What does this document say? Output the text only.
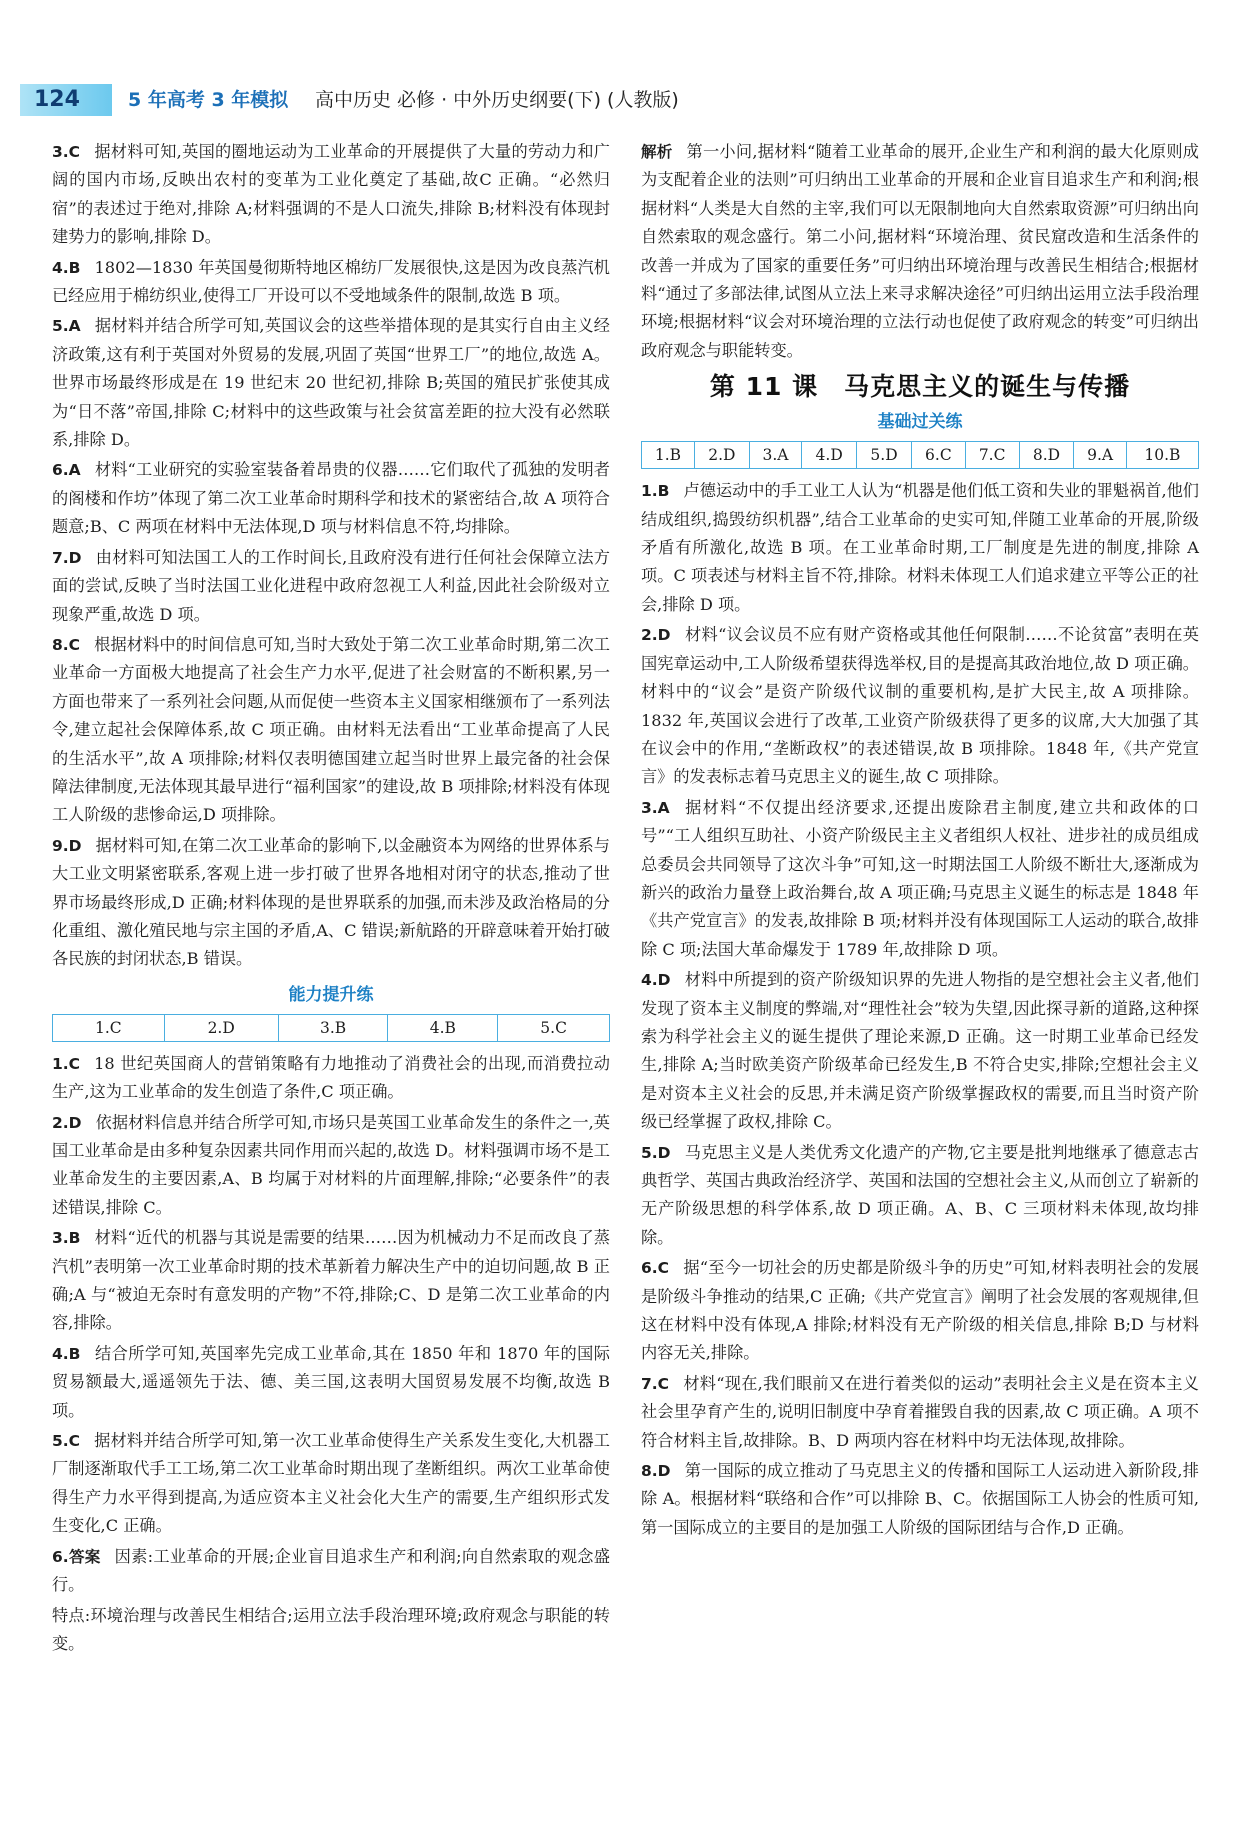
124	5 年高考 3 年模拟 高中历史 必修 · 中外历史纲要(下) (人教版)
3.C 据材料可知,英国的圈地运动为工业革命的开展提供了大量的劳动力和广阔的国内市场,反映出农村的变革为工业化奠定了基础,故C 正确。“必然归宿”的表述过于绝对,排除 A;材料强调的不是人口流失,排除 B;材料没有体现封建势力的影响,排除 D。
4.B 1802—1830 年英国曼彻斯特地区棉纺厂发展很快,这是因为改良蒸汽机已经应用于棉纺织业,使得工厂开设可以不受地域条件的限制,故选 B 项。
5.A 据材料并结合所学可知,英国议会的这些举措体现的是其实行自由主义经济政策,这有利于英国对外贸易的发展,巩固了英国“世界工厂”的地位,故选 A。世界市场最终形成是在 19 世纪末 20 世纪初,排除 B;英国的殖民扩张使其成为“日不落”帝国,排除 C;材料中的这些政策与社会贫富差距的拉大没有必然联系,排除 D。
6.A 材料“工业研究的实验室装备着昂贵的仪器……它们取代了孤独的发明者的阁楼和作坊”体现了第二次工业革命时期科学和技术的紧密结合,故 A 项符合题意;B、C 两项在材料中无法体现,D 项与材料信息不符,均排除。
7.D 由材料可知法国工人的工作时间长,且政府没有进行任何社会保障立法方面的尝试,反映了当时法国工业化进程中政府忽视工人利益,因此社会阶级对立现象严重,故选 D 项。
8.C 根据材料中的时间信息可知,当时大致处于第二次工业革命时期,第二次工业革命一方面极大地提高了社会生产力水平,促进了社会财富的不断积累,另一方面也带来了一系列社会问题,从而促使一些资本主义国家相继颁布了一系列法令,建立起社会保障体系,故 C 项正确。由材料无法看出“工业革命提高了人民的生活水平”,故 A 项排除;材料仅表明德国建立起当时世界上最完备的社会保障法律制度,无法体现其最早进行“福利国家”的建设,故 B 项排除;材料没有体现工人阶级的悲惨命运,D 项排除。
9.D 据材料可知,在第二次工业革命的影响下,以金融资本为网络的世界体系与大工业文明紧密联系,客观上进一步打破了世界各地相对闭守的状态,推动了世界市场最终形成,D 正确;材料体现的是世界联系的加强,而未涉及政治格局的分化重组、激化殖民地与宗主国的矛盾,A、C 错误;新航路的开辟意味着开始打破各民族的封闭状态,B 错误。
能力提升练
1.C	2.D	3.B	4.B	5.C
1.C 18 世纪英国商人的营销策略有力地推动了消费社会的出现,而消费拉动生产,这为工业革命的发生创造了条件,C 项正确。
2.D 依据材料信息并结合所学可知,市场只是英国工业革命发生的条件之一,英国工业革命是由多种复杂因素共同作用而兴起的,故选 D。材料强调市场不是工业革命发生的主要因素,A、B 均属于对材料的片面理解,排除;“必要条件”的表述错误,排除 C。
3.B 材料“近代的机器与其说是需要的结果……因为机械动力不足而改良了蒸汽机”表明第一次工业革命时期的技术革新着力解决生产中的迫切问题,故 B 正确;A 与“被迫无奈时有意发明的产物”不符,排除;C、D 是第二次工业革命的内容,排除。
4.B 结合所学可知,英国率先完成工业革命,其在 1850 年和 1870 年的国际贸易额最大,遥遥领先于法、德、美三国,这表明大国贸易发展不均衡,故选 B 项。
5.C 据材料并结合所学可知,第一次工业革命使得生产关系发生变化,大机器工厂制逐渐取代手工工场,第二次工业革命时期出现了垄断组织。两次工业革命使得生产力水平得到提高,为适应资本主义社会化大生产的需要,生产组织形式发生变化,C 正确。
6.答案 因素:工业革命的开展;企业盲目追求生产和利润;向自然索取的观念盛行。
特点:环境治理与改善民生相结合;运用立法手段治理环境;政府观念与职能的转变。
解析 第一小问,据材料“随着工业革命的展开,企业生产和利润的最大化原则成为支配着企业的法则”可归纳出工业革命的开展和企业盲目追求生产和利润;根据材料“人类是大自然的主宰,我们可以无限制地向大自然索取资源”可归纳出向自然索取的观念盛行。第二小问,据材料“环境治理、贫民窟改造和生活条件的改善一并成为了国家的重要任务”可归纳出环境治理与改善民生相结合;根据材料“通过了多部法律,试图从立法上来寻求解决途径”可归纳出运用立法手段治理环境;根据材料“议会对环境治理的立法行动也促使了政府观念的转变”可归纳出政府观念与职能转变。
第 11 课 马克思主义的诞生与传播
基础过关练
1.B	2.D	3.A	4.D	5.D	6.C	7.C	8.D	9.A	10.B
1.B 卢德运动中的手工业工人认为“机器是他们低工资和失业的罪魁祸首,他们结成组织,捣毁纺织机器”,结合工业革命的史实可知,伴随工业革命的开展,阶级矛盾有所激化,故选 B 项。在工业革命时期,工厂制度是先进的制度,排除 A 项。C 项表述与材料主旨不符,排除。材料未体现工人们追求建立平等公正的社会,排除 D 项。
2.D 材料“议会议员不应有财产资格或其他任何限制……不论贫富”表明在英国宪章运动中,工人阶级希望获得选举权,目的是提高其政治地位,故 D 项正确。材料中的“议会”是资产阶级代议制的重要机构,是扩大民主,故 A 项排除。1832 年,英国议会进行了改革,工业资产阶级获得了更多的议席,大大加强了其在议会中的作用,“垄断政权”的表述错误,故 B 项排除。1848 年,《共产党宣言》的发表标志着马克思主义的诞生,故 C 项排除。
3.A 据材料“不仅提出经济要求,还提出废除君主制度,建立共和政体的口号”“工人组织互助社、小资产阶级民主主义者组织人权社、进步社的成员组成总委员会共同领导了这次斗争”可知,这一时期法国工人阶级不断壮大,逐渐成为新兴的政治力量登上政治舞台,故 A 项正确;马克思主义诞生的标志是 1848 年《共产党宣言》的发表,故排除 B 项;材料并没有体现国际工人运动的联合,故排除 C 项;法国大革命爆发于 1789 年,故排除 D 项。
4.D 材料中所提到的资产阶级知识界的先进人物指的是空想社会主义者,他们发现了资本主义制度的弊端,对“理性社会”较为失望,因此探寻新的道路,这种探索为科学社会主义的诞生提供了理论来源,D 正确。这一时期工业革命已经发生,排除 A;当时欧美资产阶级革命已经发生,B 不符合史实,排除;空想社会主义是对资本主义社会的反思,并未满足资产阶级掌握政权的需要,而且当时资产阶级已经掌握了政权,排除 C。
5.D 马克思主义是人类优秀文化遗产的产物,它主要是批判地继承了德意志古典哲学、英国古典政治经济学、英国和法国的空想社会主义,从而创立了崭新的无产阶级思想的科学体系,故 D 项正确。A、B、C 三项材料未体现,故均排除。
6.C 据“至今一切社会的历史都是阶级斗争的历史”可知,材料表明社会的发展是阶级斗争推动的结果,C 正确;《共产党宣言》阐明了社会发展的客观规律,但这在材料中没有体现,A 排除;材料没有无产阶级的相关信息,排除 B;D 与材料内容无关,排除。
7.C 材料“现在,我们眼前又在进行着类似的运动”表明社会主义是在资本主义社会里孕育产生的,说明旧制度中孕育着摧毁自我的因素,故 C 项正确。A 项不符合材料主旨,故排除。B、D 两项内容在材料中均无法体现,故排除。
8.D 第一国际的成立推动了马克思主义的传播和国际工人运动进入新阶段,排除 A。根据材料“联络和合作”可以排除 B、C。依据国际工人协会的性质可知,第一国际成立的主要目的是加强工人阶级的国际团结与合作,D 正确。
